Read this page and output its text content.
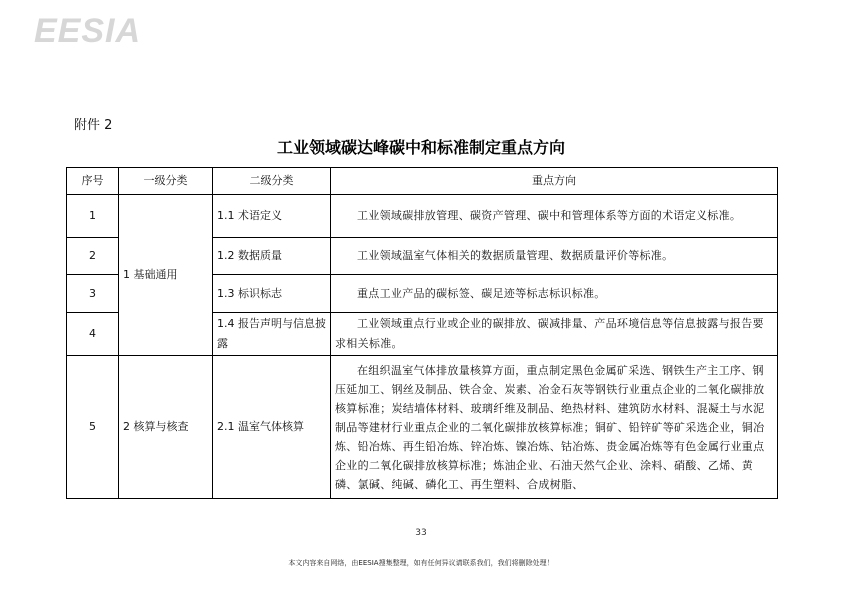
EESIA
附件 2
工业领域碳达峰碳中和标准制定重点方向
序号	一级分类	二级分类	重点方向
1	1 基础通用	1.1 术语定义	工业领域碳排放管理、碳资产管理、碳中和管理体系等方面的术语定义标准。
2		1.2 数据质量	工业领域温室气体相关的数据质量管理、数据质量评价等标准。
3		1.3 标识标志	重点工业产品的碳标签、碳足迹等标志标识标准。
4		1.4 报告声明与信息披露	工业领域重点行业或企业的碳排放、碳减排量、产品环境信息等信息披露与报告要求相关标准。
5	2 核算与核查	2.1 温室气体核算	在组织温室气体排放量核算方面，重点制定黑色金属矿采选、钢铁生产主工序、钢压延加工、钢丝及制品、铁合金、炭素、冶金石灰等钢铁行业重点企业的二氧化碳排放核算标准；炭结墙体材料、玻璃纤维及制品、绝热材料、建筑防水材料、混凝土与水泥制品等建材行业重点企业的二氧化碳排放核算标准；铜矿、铅锌矿等矿采选企业，铜冶炼、铅冶炼、再生铅冶炼、锌冶炼、镍冶炼、钴冶炼、贵金属冶炼等有色金属行业重点企业的二氧化碳排放核算标准；炼油企业、石油天然气企业、涂料、硝酸、乙烯、黄磷、氯碱、纯碱、磷化工、再生塑料、合成树脂、
33
本文内容来自网络，由EESIA搜集整理，如有任何异议请联系我们，我们将删除处理！
